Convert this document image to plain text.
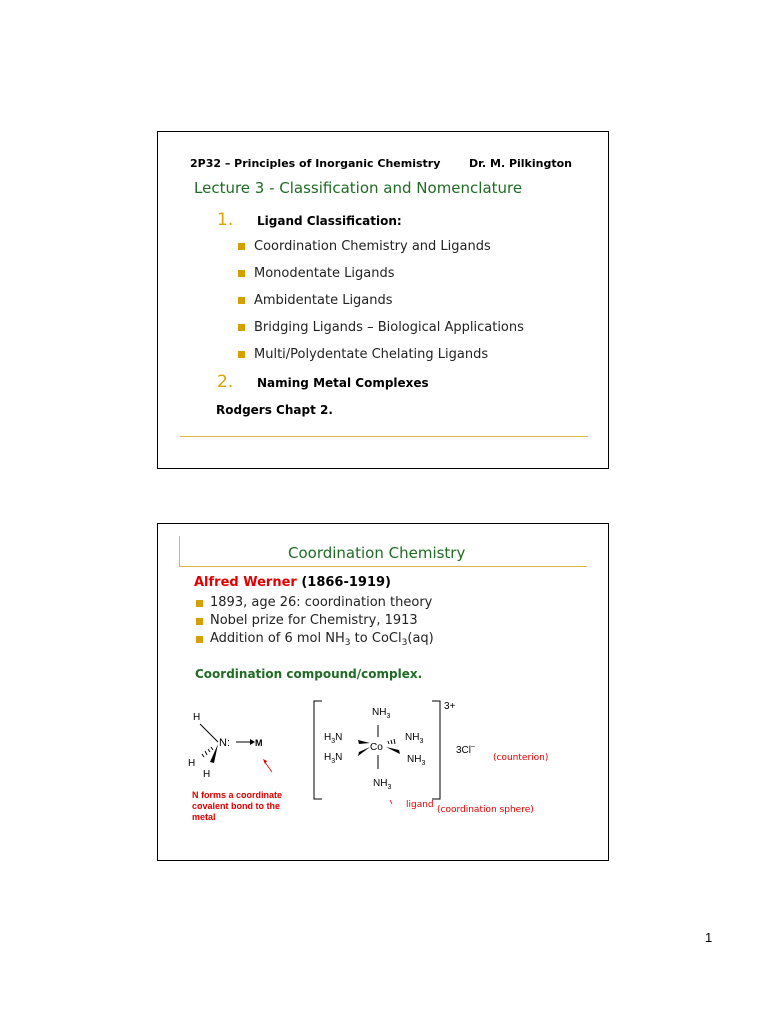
2P32 – Principles of Inorganic Chemistry	Dr. M. Pilkington
Lecture 3 - Classification and Nomenclature
1. Ligand Classification:
Coordination Chemistry and Ligands
Monodentate Ligands
Ambidentate Ligands
Bridging Ligands – Biological Applications
Multi/Polydentate Chelating Ligands
2. Naming Metal Complexes
Rodgers Chapt 2.
Coordination Chemistry
Alfred Werner (1866-1919)
1893, age 26: coordination theory
Nobel prize for Chemistry, 1913
Addition of 6 mol $NH_3$ to CoCl$_3$(aq)
Coordination compound/complex.
H
N:	M
H
H
N forms a coordinate covalent bond to the metal
$NH_3$
$H_3N$
Co
$NH_3$
$H_3N$	$NH_3$
$NH_3$
3+
3Cl–
(counterion)
ligand (coordination sphere)
1
